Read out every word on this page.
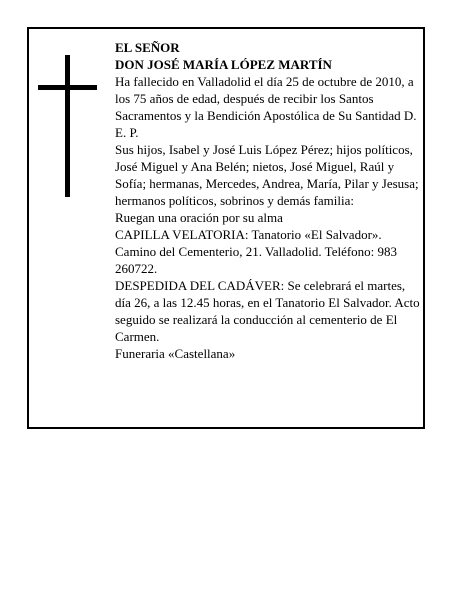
EL SEÑOR

DON JOSÉ MARÍA LÓPEZ MARTÍN

Ha fallecido en Valladolid el día 25 de octubre de 2010, a los 75 años de edad, después de recibir los Santos Sacramentos y la Bendición Apostólica de Su Santidad D. E. P.

Sus hijos, Isabel y José Luis López Pérez; hijos políticos, José Miguel y Ana Belén; nietos, José Miguel, Raúl y Sofía; hermanas, Mercedes, Andrea, María, Pilar y Jesusa; hermanos políticos, sobrinos y demás familia:

Ruegan una oración por su alma

CAPILLA VELATORIA: Tanatorio «El Salvador». Camino del Cementerio, 21. Valladolid. Teléfono: 983 260722.

DESPEDIDA DEL CADÁVER: Se celebrará el martes, día 26, a las 12.45 horas, en el Tanatorio El Salvador. Acto seguido se realizará la conducción al cementerio de El Carmen.

Funeraria «Castellana»
